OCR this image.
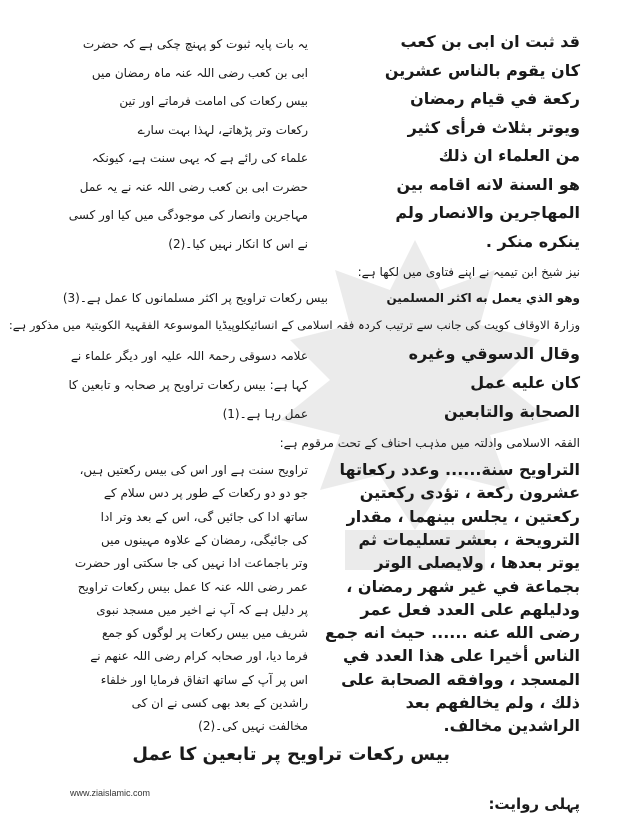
قد ثبت ان ابی بن كعب
كان يقوم بالناس عشرين
ركعة في قيام رمضان
ويوتر بثلاث فرأی كثير
من العلماء ان ذلك
هو السنة لانه اقامه بين
المهاجرين والانصار ولم
ينكره منكر .
یہ بات پایہ ثبوت کو پہنچ چکی ہے کہ حضرت
ابی بن کعب رضی اللہ عنہ ماہ رمضان میں
بیس رکعات کی امامت فرماتے اور تین
رکعات وتر پڑھاتے، لہذا بہت سارے
علماء کی رائے ہے کہ یہی سنت ہے، کیونکہ
حضرت ابی بن کعب رضی اللہ عنہ نے یہ عمل
مہاجرین وانصار کی موجودگی میں کیا اور کسی
نے اس کا انکار نہیں کیا۔(2)
نیز شیخ ابن تیمیہ نے اپنے فتاوی میں لکھا ہے:
وهو الذي يعمل به اكثر المسلمين
بیس رکعات تراویح پر اکثر مسلمانوں کا عمل ہے۔(3)
وزارۃ الاوقاف کویت کی جانب سے ترتیب کردہ فقہ اسلامی کے انسائیکلوپیڈیا الموسوعۃ الفقہیۃ الکویتیۃ میں مذکور ہے:
وقال الدسوقي وغيره
كان عليه عمل
الصحابة والتابعين
علامہ دسوقی رحمۃ اللہ علیہ اور دیگر علماء نے
کہا ہے: بیس رکعات تراویح پر صحابہ و تابعین کا
عمل رہا ہے۔(1)
الفقہ الاسلامی وادلتہ میں مذہب احناف کے تحت مرقوم ہے:
التراويح سنة...... وعدد ركعاتها
عشرون ركعة ، تؤدى ركعتين
ركعتين ، يجلس بينهما ، مقدار
الترويحة ، بعشر تسليمات ثم
يوتر بعدها ، ولايصلى الوتر
بجماعة في غير شهر رمضان ،
ودليلهم على العدد فعل عمر
رضى الله عنه ...... حيث انه جمع
الناس أخيرا على هذا العدد في
المسجد ، ووافقه الصحابة على
ذلك ، ولم يخالفهم بعد
الراشدين مخالف.
تراویح سنت ہے اور اس کی بیس رکعتیں ہیں،
جو دو دو رکعات کے طور پر دس سلام کے
ساتھ ادا کی جائیں گی، اس کے بعد وتر ادا
کی جائیگی، رمضان کے علاوہ مہینوں میں
وتر باجماعت ادا نہیں کی جا سکتی اور حضرت
عمر رضی اللہ عنہ کا عمل بیس رکعات تراویح
پر دلیل ہے کہ آپ نے اخیر میں مسجد نبوی
شریف میں بیس رکعات پر لوگوں کو جمع
فرما دیا، اور صحابہ کرام رضی اللہ عنھم نے
اس پر آپ کے ساتھ اتفاق فرمایا اور خلفاء
راشدین کے بعد بھی کسی نے ان کی
مخالفت نہیں کی۔(2)
بیس رکعات تراویح پر تابعین کا عمل
www.ziaislamic.com
پہلی روایت:
